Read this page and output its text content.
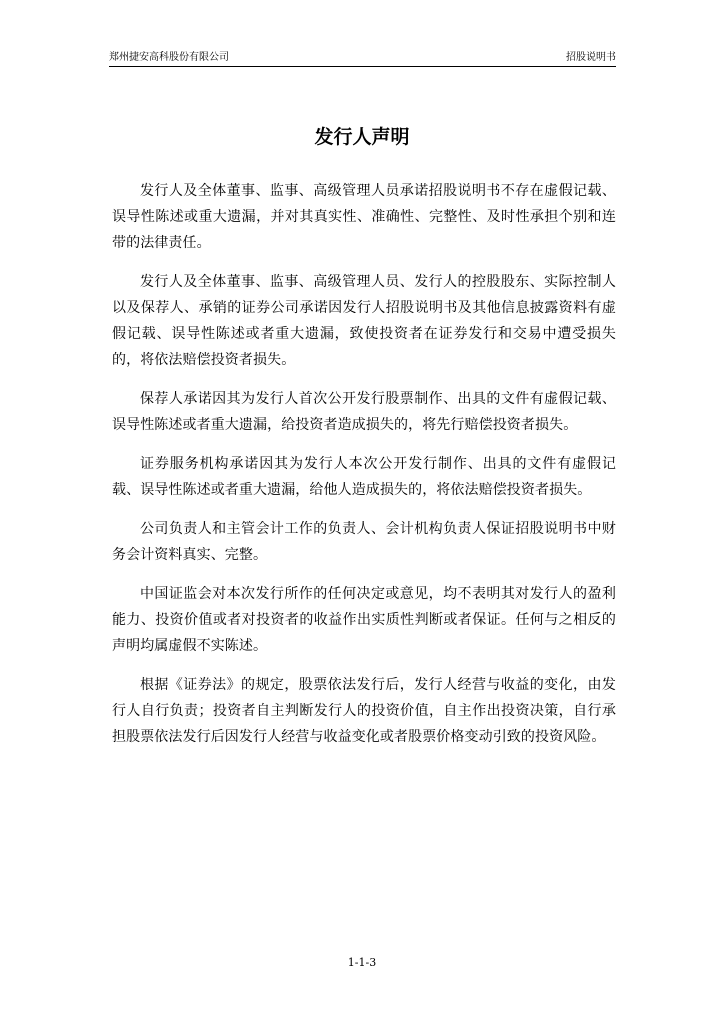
郑州捷安高科股份有限公司	招股说明书
发行人声明

发行人及全体董事、监事、高级管理人员承诺招股说明书不存在虚假记载、误导性陈述或重大遗漏，并对其真实性、准确性、完整性、及时性承担个别和连带的法律责任。

发行人及全体董事、监事、高级管理人员、发行人的控股股东、实际控制人以及保荐人、承销的证券公司承诺因发行人招股说明书及其他信息披露资料有虚假记载、误导性陈述或者重大遗漏，致使投资者在证券发行和交易中遭受损失的，将依法赔偿投资者损失。

保荐人承诺因其为发行人首次公开发行股票制作、出具的文件有虚假记载、误导性陈述或者重大遗漏，给投资者造成损失的，将先行赔偿投资者损失。

证券服务机构承诺因其为发行人本次公开发行制作、出具的文件有虚假记载、误导性陈述或者重大遗漏，给他人造成损失的，将依法赔偿投资者损失。

公司负责人和主管会计工作的负责人、会计机构负责人保证招股说明书中财务会计资料真实、完整。

中国证监会对本次发行所作的任何决定或意见，均不表明其对发行人的盈利能力、投资价值或者对投资者的收益作出实质性判断或者保证。任何与之相反的声明均属虚假不实陈述。

根据《证券法》的规定，股票依法发行后，发行人经营与收益的变化，由发行人自行负责；投资者自主判断发行人的投资价值，自主作出投资决策，自行承担股票依法发行后因发行人经营与收益变化或者股票价格变动引致的投资风险。

1-1-3
